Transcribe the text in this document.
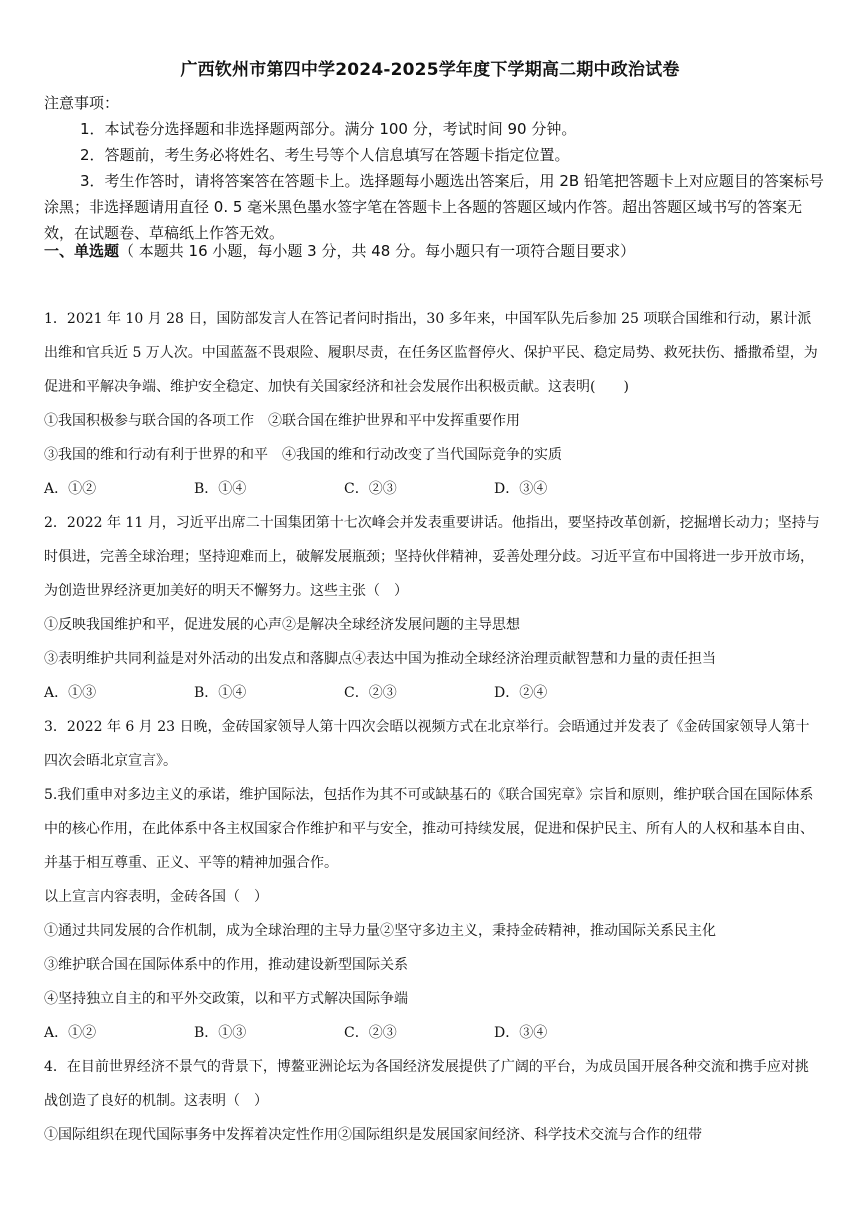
广西钦州市第四中学2024-2025学年度下学期高二期中政治试卷
注意事项：

1．本试卷分选择题和非选择题两部分。满分 100 分，考试时间 90 分钟。

2．答题前，考生务必将姓名、考生号等个人信息填写在答题卡指定位置。

3．考生作答时，请将答案答在答题卡上。选择题每小题选出答案后，用 2B 铅笔把答题卡上对应题目的答案标号涂黑；非选择题请用直径 0. 5 毫米黑色墨水签字笔在答题卡上各题的答题区域内作答。超出答题区域书写的答案无效，在试题卷、草稿纸上作答无效。

一、单选题（ 本题共 16 小题，每小题 3 分，共 48 分。每小题只有一项符合题目要求）

1．2021 年 10 月 28 日，国防部发言人在答记者问时指出，30 多年来，中国军队先后参加 25 项联合国维和行动，累计派出维和官兵近 5 万人次。中国蓝盔不畏艰险、履职尽责，在任务区监督停火、保护平民、稳定局势、救死扶伤、播撒希望，为促进和平解决争端、维护安全稳定、加快有关国家经济和社会发展作出积极贡献。这表明(　　)

①我国积极参与联合国的各项工作　②联合国在维护世界和平中发挥重要作用

③我国的维和行动有利于世界的和平　④我国的维和行动改变了当代国际竞争的实质

A．①②	B．①④	C．②③	D．③④

2．2022 年 11 月，习近平出席二十国集团第十七次峰会并发表重要讲话。他指出，要坚持改革创新，挖掘增长动力；坚持与时俱进，完善全球治理；坚持迎难而上，破解发展瓶颈；坚持伙伴精神，妥善处理分歧。习近平宣布中国将进一步开放市场，为创造世界经济更加美好的明天不懈努力。这些主张（　）

①反映我国维护和平，促进发展的心声②是解决全球经济发展问题的主导思想

③表明维护共同利益是对外活动的出发点和落脚点④表达中国为推动全球经济治理贡献智慧和力量的责任担当

A．①③	B．①④	C．②③	D．②④

3．2022 年 6 月 23 日晚，金砖国家领导人第十四次会晤以视频方式在北京举行。会晤通过并发表了《金砖国家领导人第十四次会晤北京宣言》。

5.我们重申对多边主义的承诺，维护国际法，包括作为其不可或缺基石的《联合国宪章》宗旨和原则，维护联合国在国际体系中的核心作用，在此体系中各主权国家合作维护和平与安全，推动可持续发展，促进和保护民主、所有人的人权和基本自由、并基于相互尊重、正义、平等的精神加强合作。

以上宣言内容表明，金砖各国（　）

①通过共同发展的合作机制，成为全球治理的主导力量②坚守多边主义，秉持金砖精神，推动国际关系民主化

③维护联合国在国际体系中的作用，推动建设新型国际关系

④坚持独立自主的和平外交政策，以和平方式解决国际争端

A．①②	B．①③	C．②③	D．③④

4．在目前世界经济不景气的背景下，博鳌亚洲论坛为各国经济发展提供了广阔的平台，为成员国开展各种交流和携手应对挑战创造了良好的机制。这表明（　）

①国际组织在现代国际事务中发挥着决定性作用②国际组织是发展国家间经济、科学技术交流与合作的纽带
